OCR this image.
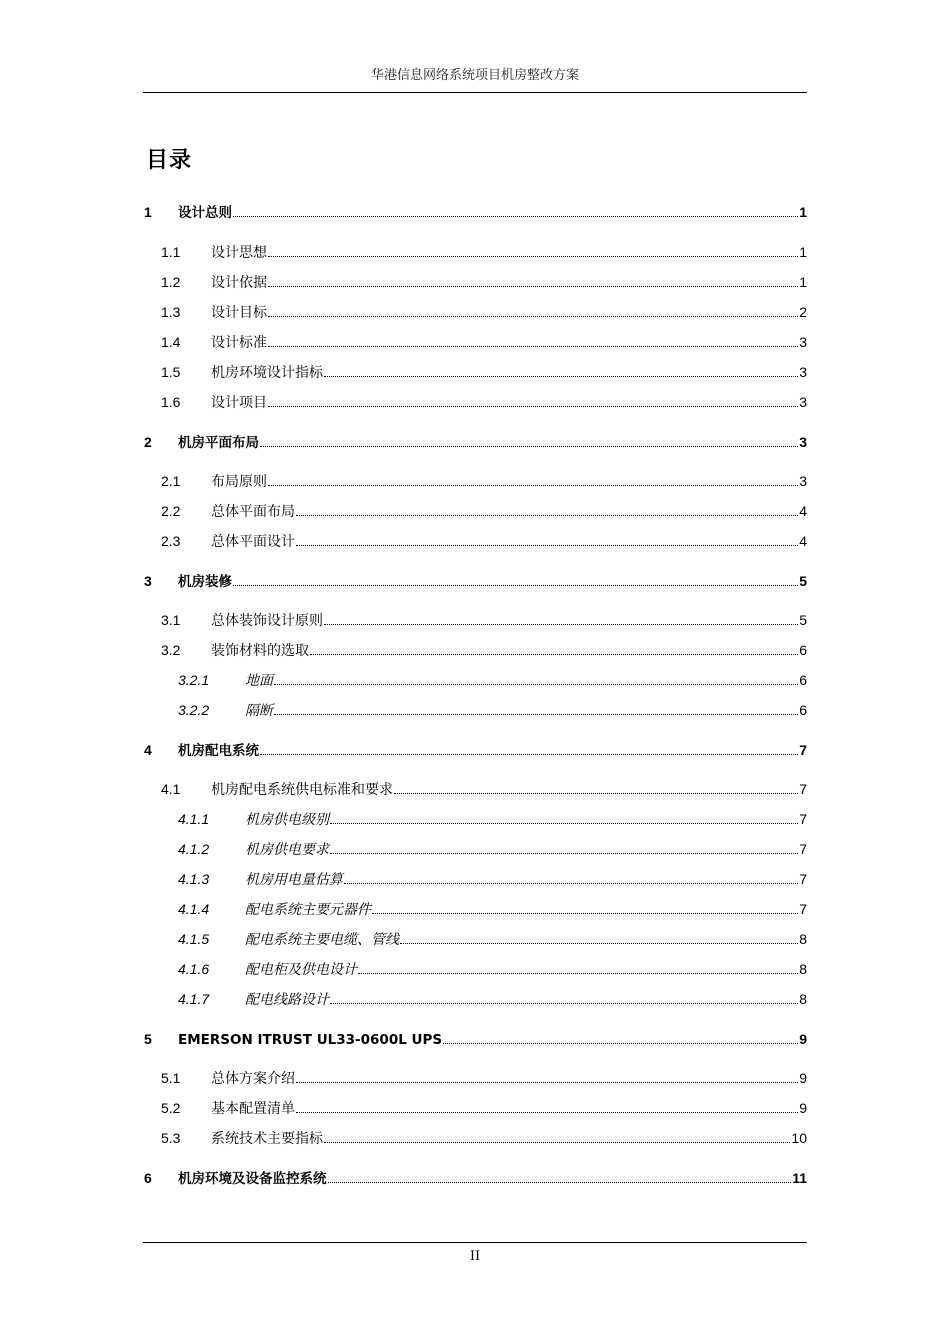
华港信息网络系统项目机房整改方案
目录
1	设计总则	1
1.1	设计思想	1
1.2	设计依据	1
1.3	设计目标	2
1.4	设计标准	3
1.5	机房环境设计指标	3
1.6	设计项目	3
2	机房平面布局	3
2.1	布局原则	3
2.2	总体平面布局	4
2.3	总体平面设计	4
3	机房装修	5
3.1	总体装饰设计原则	5
3.2	装饰材料的选取	6
3.2.1	地面	6
3.2.2	隔断	6
4	机房配电系统	7
4.1	机房配电系统供电标准和要求	7
4.1.1	机房供电级别	7
4.1.2	机房供电要求	7
4.1.3	机房用电量估算	7
4.1.4	配电系统主要元器件	7
4.1.5	配电系统主要电缆、管线	8
4.1.6	配电柜及供电设计	8
4.1.7	配电线路设计	8
5	EMERSON ITRUST UL33-0600L UPS	9
5.1	总体方案介绍	9
5.2	基本配置清单	9
5.3	系统技术主要指标	10
6	机房环境及设备监控系统	11
II
